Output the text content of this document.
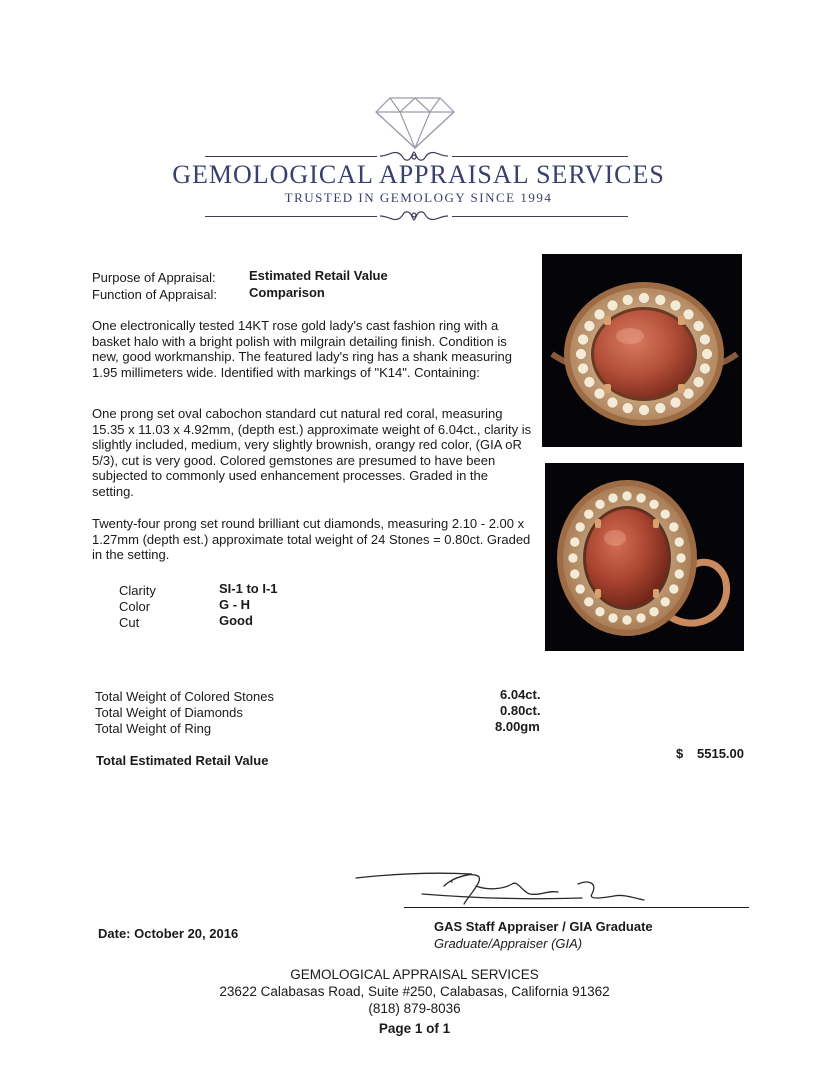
GEMOLOGICAL APPRAISAL SERVICES
TRUSTED IN GEMOLOGY SINCE 1994
Purpose of Appraisal:	Estimated Retail Value
Function of Appraisal: Comparison
One electronically tested 14KT rose gold lady's cast fashion ring with a basket halo with a bright polish with milgrain detailing finish. Condition is new, good workmanship. The featured lady's ring has a shank measuring 1.95 millimeters wide. Identified with markings of "K14". Containing:
One prong set oval cabochon standard cut natural red coral, measuring 15.35 x 11.03 x 4.92mm, (depth est.) approximate weight of 6.04ct., clarity is slightly included, medium, very slightly brownish, orangy red color, (GIA oR 5/3), cut is very good. Colored gemstones are presumed to have been subjected to commonly used enhancement processes. Graded in the setting.
Twenty-four prong set round brilliant cut diamonds, measuring 2.10 - 2.00 x 1.27mm (depth est.) approximate total weight of 24 Stones = 0.80ct. Graded in the setting.
Clarity	SI-1 to I-1
Color	G - H
Cut	Good
Total Weight of Colored Stones	6.04ct.
Total Weight of Diamonds	0.80ct.
Total Weight of Ring	8.00gm
Total Estimated Retail Value	$ 5515.00
Date: October 20, 2016	GAS Staff Appraiser / GIA Graduate
Graduate/Appraiser (GIA)
GEMOLOGICAL APPRAISAL SERVICES
23622 Calabasas Road, Suite #250, Calabasas, California 91362
(818) 879-8036
Page 1 of 1
